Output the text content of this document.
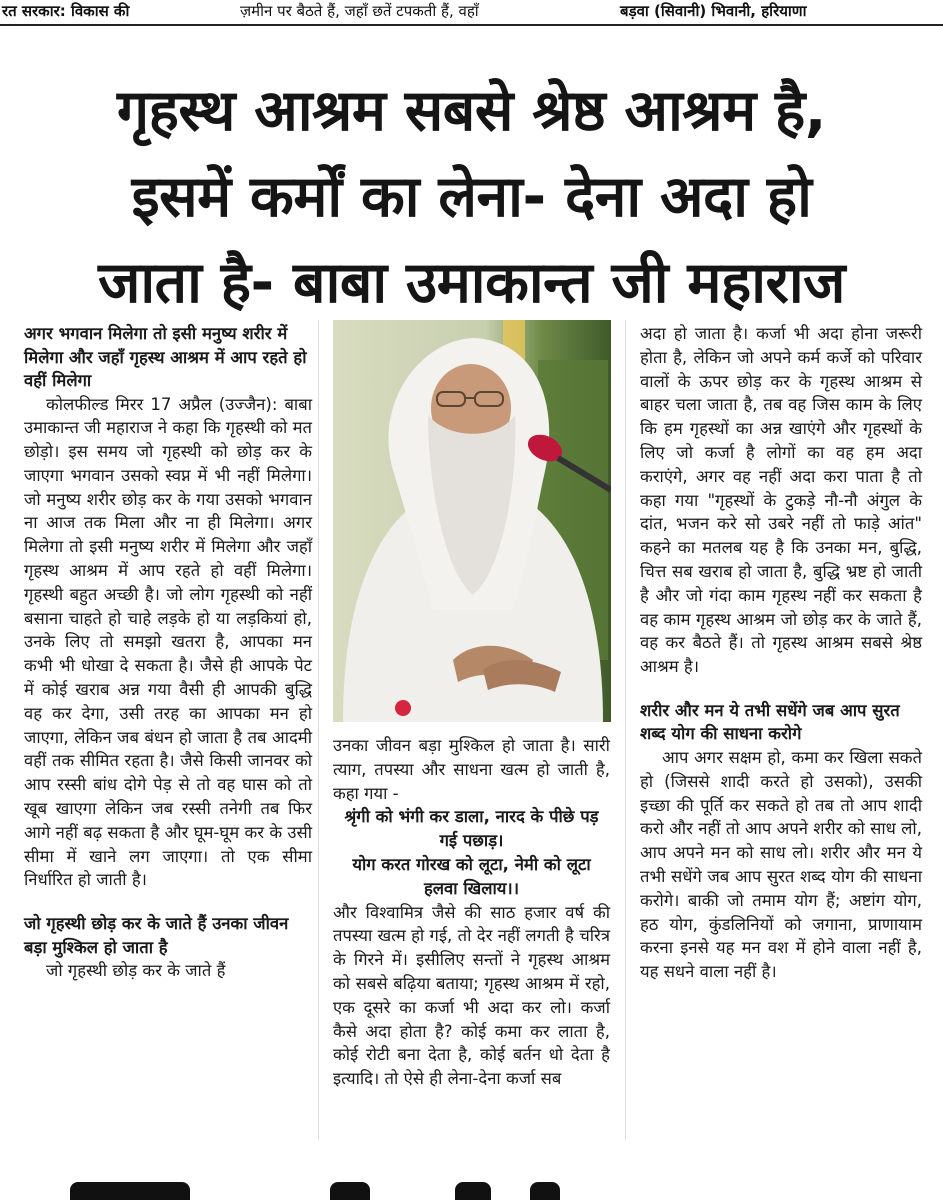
रत सरकार: विकास की	ज़मीन पर बैठते हैं, जहाँ छतें टपकती हैं, वहाँ	बड़वा (सिवानी) भिवानी, हरियाणा
गृहस्थ आश्रम सबसे श्रेष्ठ आश्रम है,
इसमें कर्मों का लेना- देना अदा हो
जाता है- बाबा उमाकान्त जी महाराज
अगर भगवान मिलेगा तो इसी मनुष्य शरीर में मिलेगा और जहाँ गृहस्थ आश्रम में आप रहते हो वहीं मिलेगा
कोलफील्ड मिरर 17 अप्रैल (उज्जैन): बाबा उमाकान्त जी महाराज ने कहा कि गृहस्थी को मत छोड़ो। इस समय जो गृहस्थी को छोड़ कर के जाएगा भगवान उसको स्वप्न में भी नहीं मिलेगा। जो मनुष्य शरीर छोड़ कर के गया उसको भगवान ना आज तक मिला और ना ही मिलेगा। अगर मिलेगा तो इसी मनुष्य शरीर में मिलेगा और जहाँ गृहस्थ आश्रम में आप रहते हो वहीं मिलेगा। गृहस्थी बहुत अच्छी है। जो लोग गृहस्थी को नहीं बसाना चाहते हो चाहे लड़के हो या लड़कियां हो, उनके लिए तो समझो खतरा है, आपका मन कभी भी धोखा दे सकता है। जैसे ही आपके पेट में कोई खराब अन्न गया वैसी ही आपकी बुद्धि वह कर देगा, उसी तरह का आपका मन हो जाएगा, लेकिन जब बंधन हो जाता है तब आदमी वहीं तक सीमित रहता है। जैसे किसी जानवर को आप रस्सी बांध दोगे पेड़ से तो वह घास को तो खूब खाएगा लेकिन जब रस्सी तनेगी तब फिर आगे नहीं बढ़ सकता है और घूम-घूम कर के उसी सीमा में खाने लग जाएगा। तो एक सीमा निर्धारित हो जाती है।
जो गृहस्थी छोड़ कर के जाते हैं उनका जीवन बड़ा मुश्किल हो जाता है
जो गृहस्थी छोड़ कर के जाते हैं
उनका जीवन बड़ा मुश्किल हो जाता है। सारी त्याग, तपस्या और साधना खत्म हो जाती है, कहा गया -
श्रृंगी को भंगी कर डाला, नारद के पीछे पड़ गई पछाड़।
योग करत गोरख को लूटा, नेमी को लूटा हलवा खिलाय।।
और विश्वामित्र जैसे की साठ हजार वर्ष की तपस्या खत्म हो गई, तो देर नहीं लगती है चरित्र के गिरने में। इसीलिए सन्तों ने गृहस्थ आश्रम को सबसे बढ़िया बताया; गृहस्थ आश्रम में रहो, एक दूसरे का कर्जा भी अदा कर लो। कर्जा कैसे अदा होता है? कोई कमा कर लाता है, कोई रोटी बना देता है, कोई बर्तन धो देता है इत्यादि। तो ऐसे ही लेना-देना कर्जा सब
अदा हो जाता है। कर्जा भी अदा होना जरूरी होता है, लेकिन जो अपने कर्म कर्जे को परिवार वालों के ऊपर छोड़ कर के गृहस्थ आश्रम से बाहर चला जाता है, तब वह जिस काम के लिए कि हम गृहस्थों का अन्न खाएंगे और गृहस्थों के लिए जो कर्जा है लोगों का वह हम अदा कराएंगे, अगर वह नहीं अदा करा पाता है तो कहा गया "गृहस्थों के टुकड़े नौ-नौ अंगुल के दांत, भजन करे सो उबरे नहीं तो फाड़े आंत" कहने का मतलब यह है कि उनका मन, बुद्धि, चित्त सब खराब हो जाता है, बुद्धि भ्रष्ट हो जाती है और जो गंदा काम गृहस्थ नहीं कर सकता है वह काम गृहस्थ आश्रम जो छोड़ कर के जाते हैं, वह कर बैठते हैं। तो गृहस्थ आश्रम सबसे श्रेष्ठ आश्रम है।
शरीर और मन ये तभी सधेंगे जब आप सुरत शब्द योग की साधना करोगे
आप अगर सक्षम हो, कमा कर खिला सकते हो (जिससे शादी करते हो उसको), उसकी इच्छा की पूर्ति कर सकते हो तब तो आप शादी करो और नहीं तो आप अपने शरीर को साध लो, आप अपने मन को साध लो। शरीर और मन ये तभी सधेंगे जब आप सुरत शब्द योग की साधना करोगे। बाकी जो तमाम योग हैं; अष्टांग योग, हठ योग, कुंडलिनियों को जगाना, प्राणायाम करना इनसे यह मन वश में होने वाला नहीं है, यह सधने वाला नहीं है।
